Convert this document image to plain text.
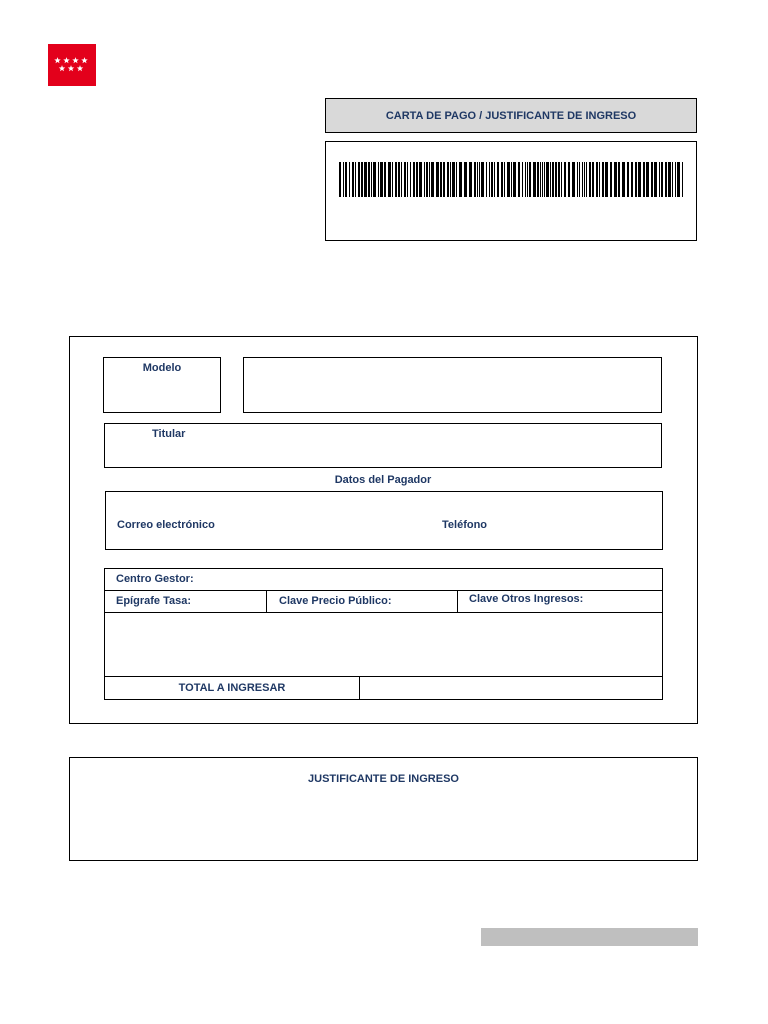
CARTA DE PAGO / JUSTIFICANTE DE INGRESO
Modelo
Titular
Datos del Pagador
Correo electrónico	Teléfono
Centro Gestor:
Epígrafe Tasa:	Clave Precio Público:	Clave Otros Ingresos:
TOTAL A INGRESAR
JUSTIFICANTE DE INGRESO
